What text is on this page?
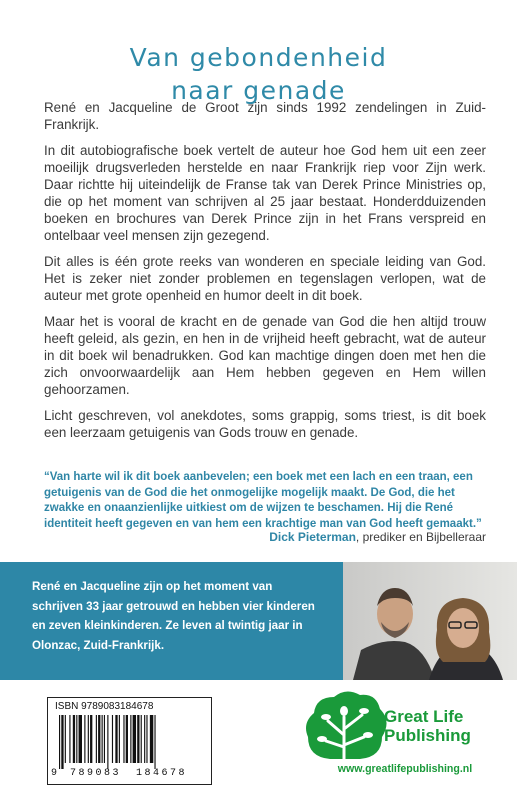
Van gebondenheid
naar genade

René en Jacqueline de Groot zijn sinds 1992 zendelingen in Zuid-Frankrijk.

In dit autobiografische boek vertelt de auteur hoe God hem uit een zeer moeilijk drugsverleden herstelde en naar Frankrijk riep voor Zijn werk. Daar richtte hij uiteindelijk de Franse tak van Derek Prince Ministries op, die op het moment van schrijven al 25 jaar bestaat. Honderdduizenden boeken en brochures van Derek Prince zijn in het Frans verspreid en ontelbaar veel mensen zijn gezegend.

Dit alles is één grote reeks van wonderen en speciale leiding van God. Het is zeker niet zonder problemen en tegenslagen verlopen, wat de auteur met grote openheid en humor deelt in dit boek.

Maar het is vooral de kracht en de genade van God die hen altijd trouw heeft geleid, als gezin, en hen in de vrijheid heeft gebracht, wat de auteur in dit boek wil benadrukken. God kan machtige dingen doen met hen die zich onvoorwaardelijk aan Hem hebben gegeven en Hem willen gehoorzamen.

Licht geschreven, vol anekdotes, soms grappig, soms triest, is dit boek een leerzaam getuigenis van Gods trouw en genade.

“Van harte wil ik dit boek aanbevelen; een boek met een lach en een traan, een getuigenis van de God die het onmogelijke mogelijk maakt. De God, die het zwakke en onaanzienlijke uitkiest om de wijzen te beschamen. Hij die René identiteit heeft gegeven en van hem een krachtige man van God heeft gemaakt.”

Dick Pieterman, prediker en Bijbelleraar
René en Jacqueline zijn op het moment van schrijven 33 jaar getrouwd en hebben vier kinderen en zeven kleinkinderen. Ze leven al twintig jaar in Olonzac, Zuid-Frankrijk.
ISBN 9789083184678
9 789083 184678
Great Life
Publishing
www.greatlifepublishing.nl
